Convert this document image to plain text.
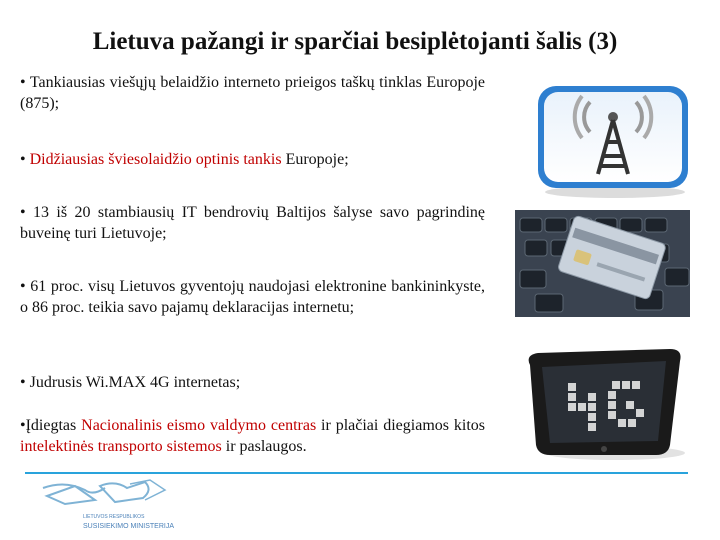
Lietuva pažangi ir sparčiai besiplėtojanti šalis (3)
• Tankiausias viešųjų belaidžio interneto prieigos taškų tinklas Europoje (875);
• Didžiausias šviesolaidžio optinis tankis Europoje;
• 13 iš 20 stambiausių IT bendrovių Baltijos šalyse savo pagrindinę buveinę turi Lietuvoje;
• 61 proc. visų Lietuvos gyventojų naudojasi elektronine bankininkyste, o 86 proc. teikia savo pajamų deklaracijas internetu;
• Judrusis Wi.MAX 4G internetas;
•Įdiegtas Nacionalinis eismo valdymo centras ir plačiai diegiamos kitos intelektinės transporto sistemos ir paslaugos.
LIETUVOS RESPUBLIKOS
SUSISIEKIMO MINISTERIJA
